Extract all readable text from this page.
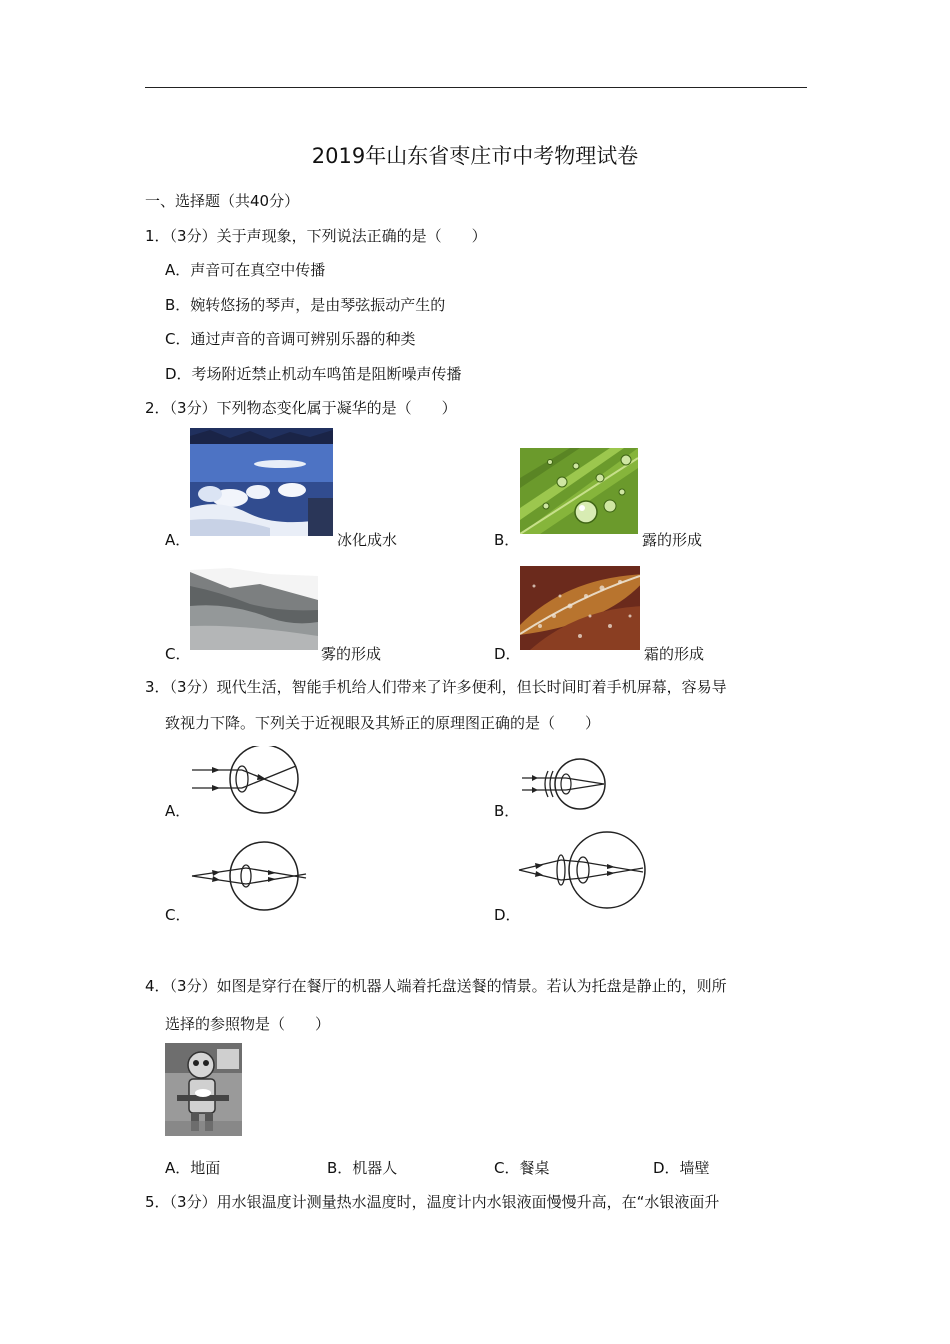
2019年山东省枣庄市中考物理试卷
一、选择题（共40分）
1．（3分）关于声现象，下列说法正确的是（　　）
A．声音可在真空中传播
B．婉转悠扬的琴声，是由琴弦振动产生的
C．通过声音的音调可辨别乐器的种类
D．考场附近禁止机动车鸣笛是阻断噪声传播
2．（3分）下列物态变化属于凝华的是（　　）
A．	冰化成水	B．	露的形成
C．	雾的形成	D．	霜的形成
3．（3分）现代生活，智能手机给人们带来了许多便利，但长时间盯着手机屏幕，容易导
致视力下降。下列关于近视眼及其矫正的原理图正确的是（　　）
A．	B．
C．	D．
4．（3分）如图是穿行在餐厅的机器人端着托盘送餐的情景。若认为托盘是静止的，则所
选择的参照物是（　　）
A．地面	B．机器人	C．餐桌	D．墙壁
5．（3分）用水银温度计测量热水温度时，温度计内水银液面慢慢升高，在“水银液面升
